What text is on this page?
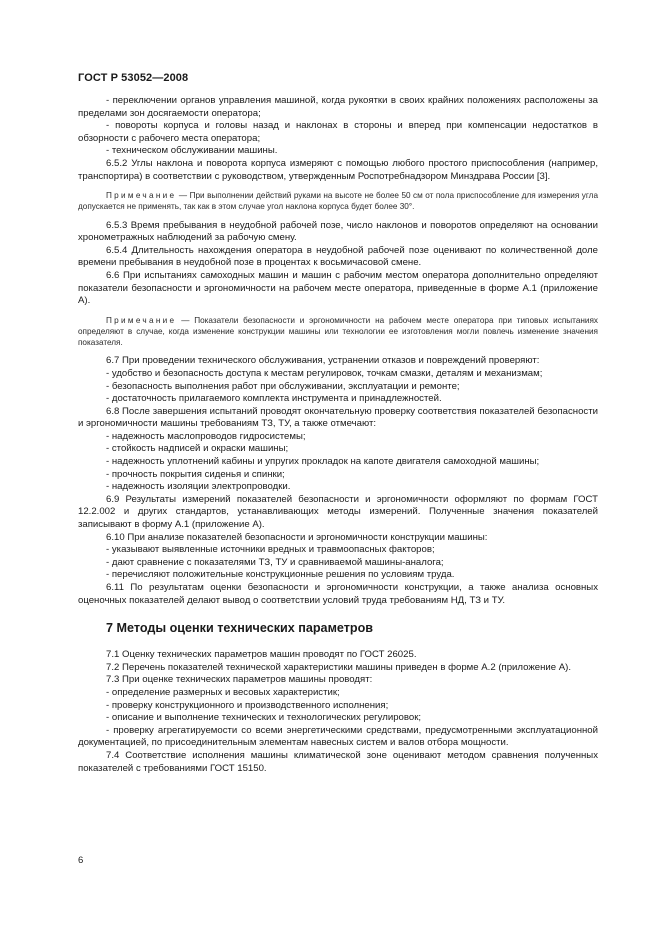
ГОСТ Р 53052—2008

- переключении органов управления машиной, когда рукоятки в своих крайних положениях расположены за пределами зон досягаемости оператора;

- повороты корпуса и головы назад и наклонах в стороны и вперед при компенсации недостатков в обзорности с рабочего места оператора;

- техническом обслуживании машины.

6.5.2 Углы наклона и поворота корпуса измеряют с помощью любого простого приспособления (например, транспортира) в соответствии с руководством, утвержденным Роспотребнадзором Минздрава России [3].

Примечание — При выполнении действий руками на высоте не более 50 см от пола приспособление для измерения угла допускается не применять, так как в этом случае угол наклона корпуса будет более 30°.

6.5.3 Время пребывания в неудобной рабочей позе, число наклонов и поворотов определяют на основании хронометражных наблюдений за рабочую смену.

6.5.4 Длительность нахождения оператора в неудобной рабочей позе оценивают по количественной доле времени пребывания в неудобной позе в процентах к восьмичасовой смене.

6.6 При испытаниях самоходных машин и машин с рабочим местом оператора дополнительно определяют показатели безопасности и эргономичности на рабочем месте оператора, приведенные в форме А.1 (приложение А).

Примечание — Показатели безопасности и эргономичности на рабочем месте оператора при типовых испытаниях определяют в случае, когда изменение конструкции машины или технологии ее изготовления могли повлечь изменение значения показателя.

6.7 При проведении технического обслуживания, устранении отказов и повреждений проверяют:

- удобство и безопасность доступа к местам регулировок, точкам смазки, деталям и механизмам;

- безопасность выполнения работ при обслуживании, эксплуатации и ремонте;

- достаточность прилагаемого комплекта инструмента и принадлежностей.

6.8 После завершения испытаний проводят окончательную проверку соответствия показателей безопасности и эргономичности машины требованиям ТЗ, ТУ, а также отмечают:

- надежность маслопроводов гидросистемы;

- стойкость надписей и окраски машины;

- надежность уплотнений кабины и упругих прокладок на капоте двигателя самоходной машины;

- прочность покрытия сиденья и спинки;

- надежность изоляции электропроводки.

6.9 Результаты измерений показателей безопасности и эргономичности оформляют по формам ГОСТ 12.2.002 и других стандартов, устанавливающих методы измерений. Полученные значения показателей записывают в форму А.1 (приложение А).

6.10 При анализе показателей безопасности и эргономичности конструкции машины:

- указывают выявленные источники вредных и травмоопасных факторов;

- дают сравнение с показателями ТЗ, ТУ и сравниваемой машины-аналога;

- перечисляют положительные конструкционные решения по условиям труда.

6.11 По результатам оценки безопасности и эргономичности конструкции, а также анализа основных оценочных показателей делают вывод о соответствии условий труда требованиям НД, ТЗ и ТУ.

7 Методы оценки технических параметров

7.1 Оценку технических параметров машин проводят по ГОСТ 26025.

7.2 Перечень показателей технической характеристики машины приведен в форме А.2 (приложение А).

7.3 При оценке технических параметров машины проводят:

- определение размерных и весовых характеристик;

- проверку конструкционного и производственного исполнения;

- описание и выполнение технических и технологических регулировок;

- проверку агрегатируемости со всеми энергетическими средствами, предусмотренными эксплуатационной документацией, по присоединительным элементам навесных систем и валов отбора мощности.

7.4 Соответствие исполнения машины климатической зоне оценивают методом сравнения полученных показателей с требованиями ГОСТ 15150.

6
